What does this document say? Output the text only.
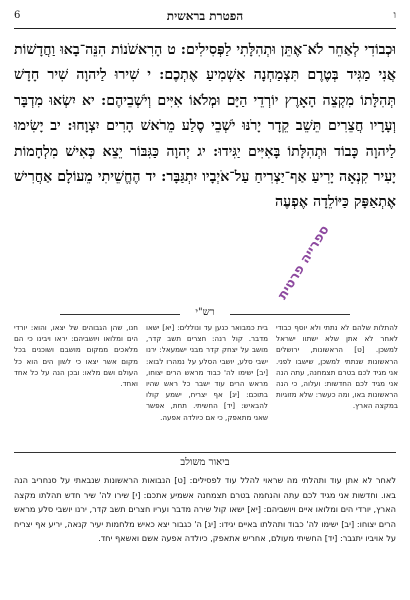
ו
הפטרת בראשית
6

וּכְבוֹדִי לְאַחֵר לֹא־אֶתֵּן וּתְהִלָּתִי לַפְּסִילִים: ט הָרִאשֹׁנוֹת הִנֵּה־בָאוּ וַחֲדָשׁוֹת אֲנִי מַגִּיד בְּטֶרֶם תִּצְמַחְנָה אַשְׁמִיעַ אֶתְכֶם: י שִׁירוּ לַיהוָה שִׁיר חָדָשׁ תְּהִלָּתוֹ מִקְצֵה הָאָרֶץ יוֹרְדֵי הַיָּם וּמְלֹאוֹ אִיִּים וְיֹשְׁבֵיהֶם: יא יִשְׂאוּ מִדְבָּר וְעָרָיו חֲצֵרִים תֵּשֵׁב קֵדָר יָרֹנּוּ יֹשְׁבֵי סֶלַע מֵרֹאשׁ הָרִים יִצְוָחוּ: יב יָשִׂימוּ לַיהוָה כָּבוֹד וּתְהִלָּתוֹ בָּאִיִּים יַגִּידוּ: יג יְהוָה כַּגִּבּוֹר יֵצֵא כְּאִישׁ מִלְחָמוֹת יָעִיר קִנְאָה יָרִיעַ אַף־יַצְרִיחַ עַל־אֹיְבָיו יִתְגַּבָּר: יד הֶחֱשֵׁיתִי מֵעוֹלָם אַחֲרִישׁ אֶתְאַפָּק כַּיּוֹלֵדָה אֶפְעֶה

ספרייה פרטית
רש"י

להתלות שלהם לא נתתי ולא יוסף כבודי לאחר לא אתן שלא ישתוו ישראל למשכן. [ט] הראשונות, ירושלים הראשונות שנתתי למשכן, שישבו לפני. אני מגיד לכם בטרם תצמחנה, עתה הנה אני מגיד לכם החדשות: ועלוה, כי הנה הראשונות באו, ומה כעשר: שלא מזוגיות במקצה הארץ.

בית כמבואר כנען עד ונוללים: [יא] ישאו מדבר. קול רנה: חצרים תשב קדר, מושב על יצחק קדר מבני ישמעאל: ירנו ישבי סלע, יושבי הסלע על נמהרו לבוא: [יב] ישימו לה' כבוד מראש הרים יצוחו, מראש הרים עוד ישבר כל ראש שהיו בתוכם: [יג] אף יצריח, ישמע קולו להבאיש: [יד] החשיתי. תחת, אפשר שאני מתאפק, כי אם כיולדה אפעה.

חנו, שהן הגבוהים של יצאו, והוא: יורדי הים ומלואו ויושביהם: יראו ויבינו כי הם מלאכים ממקום מושבם ושוכנים בכל מקום אשר יצאו כי לשון הים הוא כל העולם ושם מלאו: ובכן הנה על כל אחד ואחד.

ביאור משולב

לאחר לא אתן עוד ותהלתי מה שראוי להלל עוד לפסילים: [ט] הנבואות הראשונות שנבאתי על סנחריב הנה באו. וחדשות אני מגיד לכם עתה והנחמה בטרם תצמחנה אשמיע אתכם: [י] שירו לה' שיר חדש תהלתו מקצה הארץ, יורדי הים ומלואו איים ויושביהם: [יא] ישאו קול שירה מדבר ועריו חצרים תשב קדר, ירנו יושבי סלע מראש הרים יצוחו: [יב] ישימו לה' כבוד ותהלתו באיים יגידו: [יג] ה' כגבור יצא כאיש מלחמות יעיר קנאה, יריע אף יצריח על אויביו יתגבר: [יד] החשיתי מעולם, אחריש אתאפק, כיולדה אפעה אשם ואשאף יחד.
